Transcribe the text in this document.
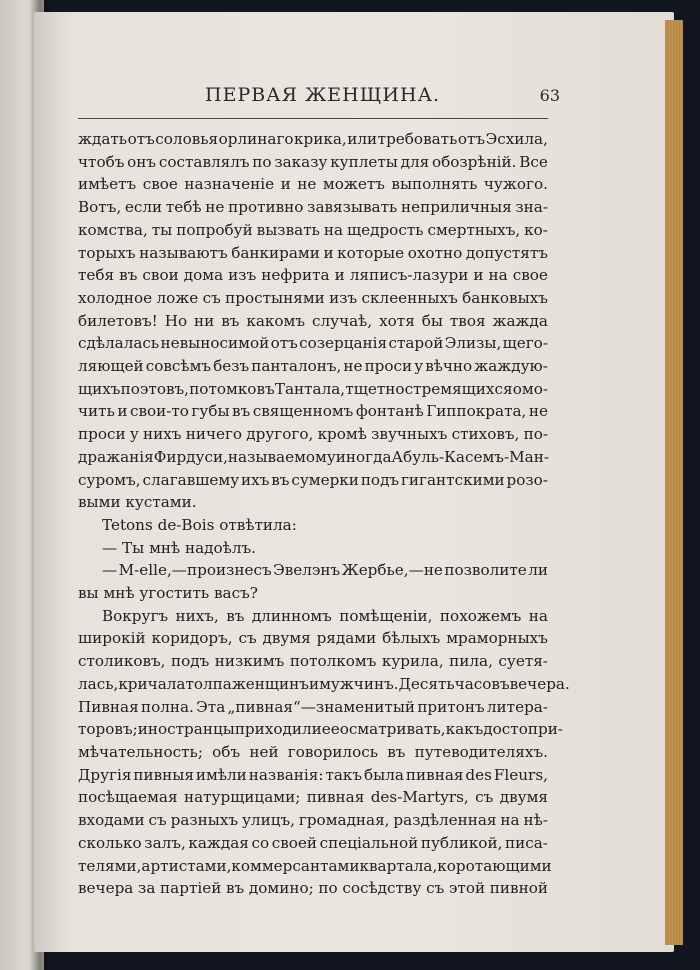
ПЕРВАЯ ЖЕНЩИНА.	63
ждать отъ соловья орлинаго крика, или требовать отъ Эсхила,
чтобъ онъ составлялъ по заказу куплеты для обозрѣній. Все
имѣетъ свое назначеніе и не можетъ выполнять чужого.
Вотъ, если тебѣ не противно завязывать неприличныя зна-
комства, ты попробуй вызвать на щедрость смертныхъ, ко-
торыхъ называютъ банкирами и которые охотно допустятъ
тебя въ свои дома изъ нефрита и ляписъ-лазури и на свое
холодное ложе съ простынями изъ склеенныхъ банковыхъ
билетовъ! Но ни въ какомъ случаѣ, хотя бы твоя жажда
сдѣлалась невыносимой отъ созерцанія старой Элизы, щего-
ляющей совсѣмъ безъ панталонъ, не проси у вѣчно жаждую-
щихъ поэтовъ, потомковъ Тантала, тщетно стремящихся омо-
чить и свои-то губы въ священномъ фонтанѣ Гиппократа, не
проси у нихъ ничего другого, кромѣ звучныхъ стиховъ, по-
дражанія Фирдуси, называемому иногда Абуль-Касемъ-Ман-
суромъ, слагавшему ихъ въ сумерки подъ гигантскими розо-
выми кустами.
Tetons de-Bois отвѣтила:
— Ты мнѣ надоѣлъ.
— M-elle,—произнесъ Эвелэнъ Жербье,—не позволите ли
вы мнѣ угостить васъ?
Вокругъ нихъ, въ длинномъ помѣщеніи, похожемъ на
широкій коридоръ, съ двумя рядами бѣлыхъ мраморныхъ
столиковъ, подъ низкимъ потолкомъ курила, пила, суетя-
лась, кричала толпа женщинъ и мужчинъ. Десять часовъ вечера.
Пивная полна. Эта „пивная“—знаменитый притонъ литера-
торовъ; иностранцы приходили ее осматривать, какъ достопри-
мѣчательность; объ ней говорилось въ путеводителяхъ.
Другія пивныя имѣли названія: такъ была пивная des Fleurs,
посѣщаемая натурщицами; пивная des-Martyrs, съ двумя
входами съ разныхъ улицъ, громадная, раздѣленная на нѣ-
сколько залъ, каждая со своей спеціальной публикой, писа-
телями, артистами, коммерсантами квартала, коротающими
вечера за партіей въ домино; по сосѣдству съ этой пивной
